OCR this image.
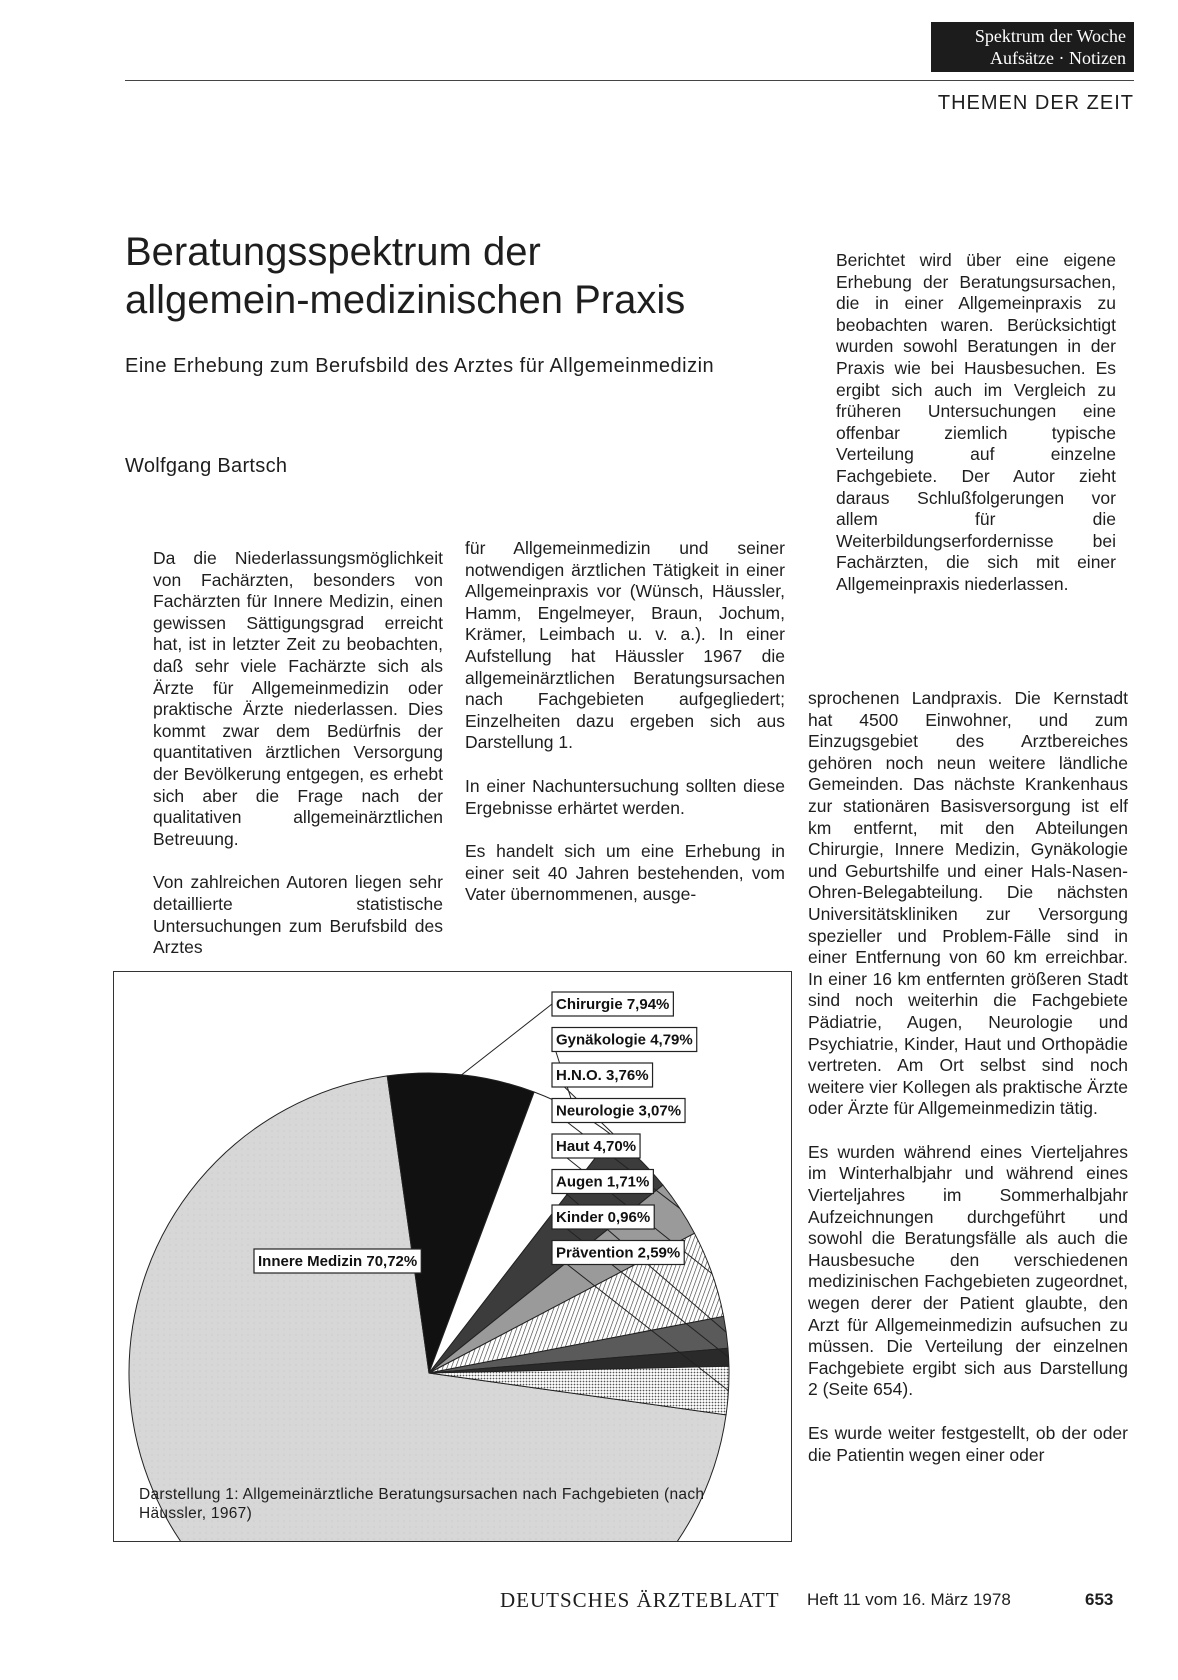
Spektrum der Woche
Aufsätze · Notizen
THEMEN DER ZEIT
Beratungsspektrum der
allgemein-medizinischen Praxis
Eine Erhebung zum Berufsbild des Arztes für Allgemeinmedizin
Wolfgang Bartsch
Berichtet wird über eine eigene Erhebung der Beratungsursachen, die in einer Allgemeinpraxis zu beobachten waren. Berücksichtigt wurden sowohl Beratungen in der Praxis wie bei Hausbesuchen. Es ergibt sich auch im Vergleich zu früheren Untersuchungen eine offenbar ziemlich typische Verteilung auf einzelne Fachgebiete. Der Autor zieht daraus Schlußfolgerungen vor allem für die Weiterbildungserfordernisse bei Fachärzten, die sich mit einer Allgemeinpraxis niederlassen.

Da die Niederlassungsmöglichkeit von Fachärzten, besonders von Fachärzten für Innere Medizin, einen gewissen Sättigungsgrad erreicht hat, ist in letzter Zeit zu beobachten, daß sehr viele Fachärzte sich als Ärzte für Allgemeinmedizin oder praktische Ärzte niederlassen. Dies kommt zwar dem Bedürfnis der quantitativen ärztlichen Versorgung der Bevölkerung entgegen, es erhebt sich aber die Frage nach der qualitativen allgemeinärztlichen Betreuung.

Von zahlreichen Autoren liegen sehr detaillierte statistische Untersuchungen zum Berufsbild des Arztes

für Allgemeinmedizin und seiner notwendigen ärztlichen Tätigkeit in einer Allgemeinpraxis vor (Wünsch, Häussler, Hamm, Engelmeyer, Braun, Jochum, Krämer, Leimbach u. v. a.). In einer Aufstellung hat Häussler 1967 die allgemeinärztlichen Beratungsursachen nach Fachgebieten aufgegliedert; Einzelheiten dazu ergeben sich aus Darstellung 1.

In einer Nachuntersuchung sollten diese Ergebnisse erhärtet werden.

Es handelt sich um eine Erhebung in einer seit 40 Jahren bestehenden, vom Vater übernommenen, ausge-

sprochenen Landpraxis. Die Kernstadt hat 4500 Einwohner, und zum Einzugsgebiet des Arztbereiches gehören noch neun weitere ländliche Gemeinden. Das nächste Krankenhaus zur stationären Basisversorgung ist elf km entfernt, mit den Abteilungen Chirurgie, Innere Medizin, Gynäkologie und Geburtshilfe und einer Hals-Nasen-Ohren-Belegabteilung. Die nächsten Universitätskliniken zur Versorgung spezieller und Problem-Fälle sind in einer Entfernung von 60 km erreichbar. In einer 16 km entfernten größeren Stadt sind noch weiterhin die Fachgebiete Pädiatrie, Augen, Neurologie und Psychiatrie, Kinder, Haut und Orthopädie vertreten. Am Ort selbst sind noch weitere vier Kollegen als praktische Ärzte oder Ärzte für Allgemeinmedizin tätig.

Es wurden während eines Vierteljahres im Winterhalbjahr und während eines Vierteljahres im Sommerhalbjahr Aufzeichnungen durchgeführt und sowohl die Beratungsfälle als auch die Hausbesuche den verschiedenen medizinischen Fachgebieten zugeordnet, wegen derer der Patient glaubte, den Arzt für Allgemeinmedizin aufsuchen zu müssen. Die Verteilung der einzelnen Fachgebiete ergibt sich aus Darstellung 2 (Seite 654).

Es wurde weiter festgestellt, ob der oder die Patientin wegen einer oder

Chirurgie 7,94%
Gynäkologie 4,79%
H.N.O. 3,76%
Neurologie 3,07%
Haut 4,70%
Augen 1,71%
Kinder 0,96%
Prävention 2,59%
Innere Medizin 70,72%
Darstellung 1: Allgemeinärztliche Beratungsursachen nach Fachgebieten (nach Häussler, 1967)
DEUTSCHES ÄRZTEBLATT Heft 11 vom 16. März 1978	653
